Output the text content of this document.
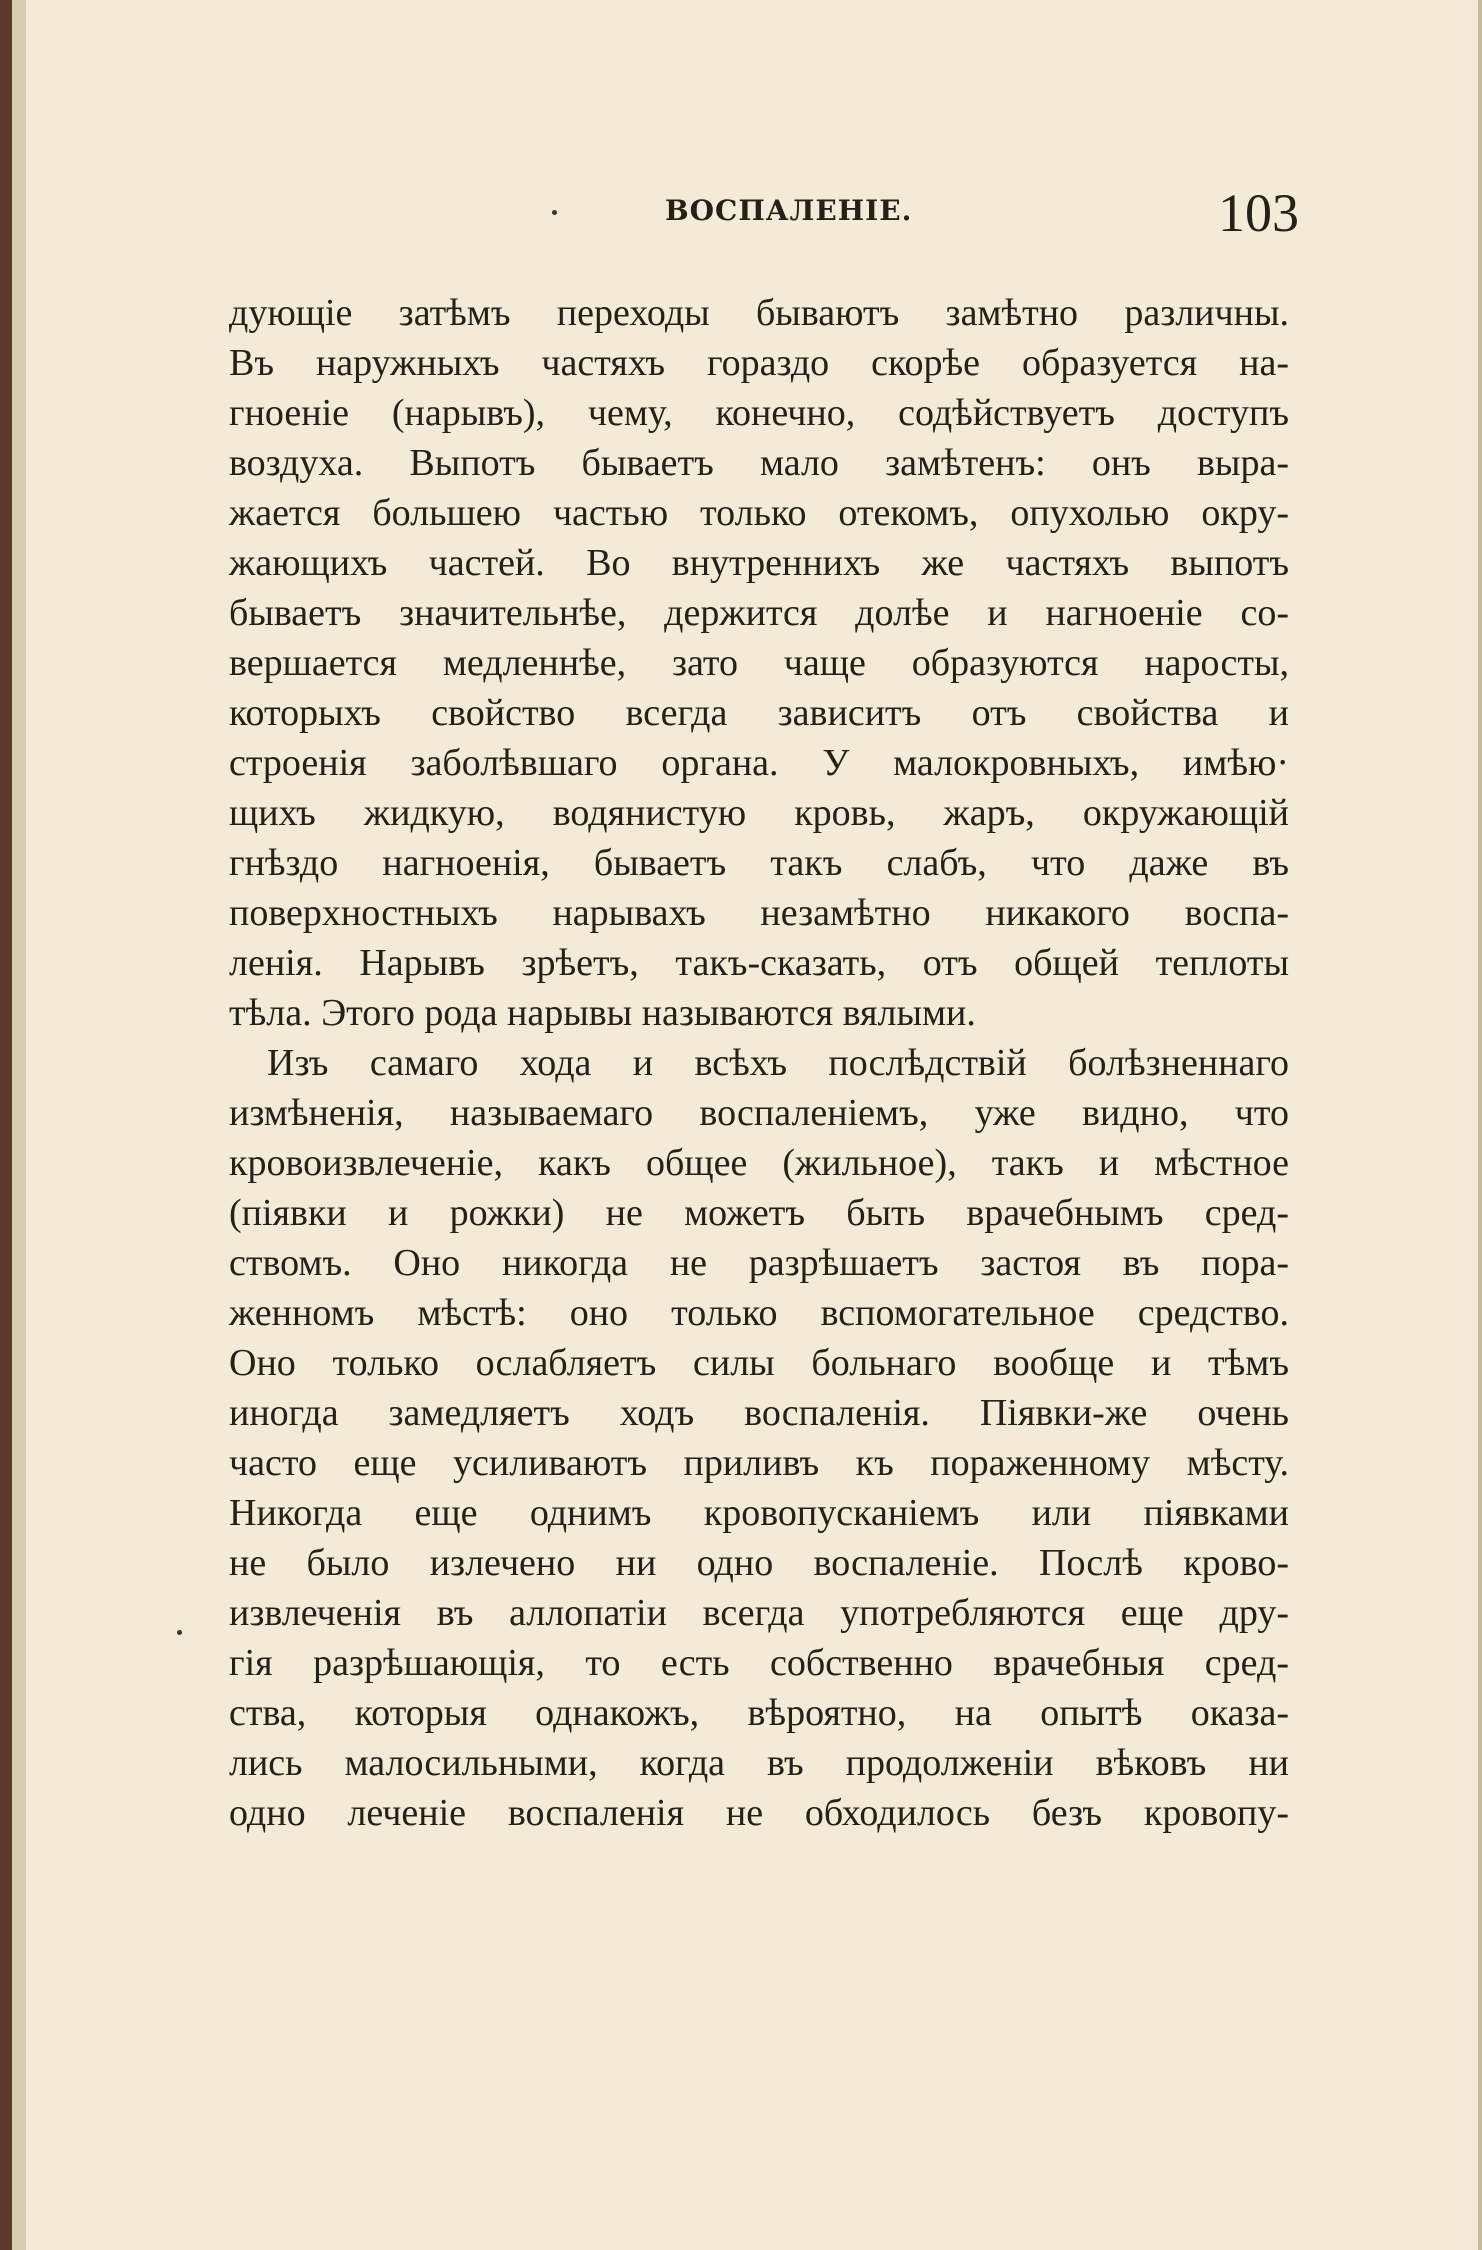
ВОСПАЛЕНІЕ.	103
дующіе затѣмъ переходы бываютъ замѣтно различны.
Въ наружныхъ частяхъ гораздо скорѣе образуется на-
гноеніе (нарывъ), чему, конечно, содѣйствуетъ доступъ
воздуха. Выпотъ бываетъ мало замѣтенъ: онъ выра-
жается большею частью только отекомъ, опухолью окру-
жающихъ частей. Во внутреннихъ же частяхъ выпотъ
бываетъ значительнѣе, держится долѣе и нагноеніе со-
вершается медленнѣе, зато чаще образуются наросты,
которыхъ свойство всегда зависитъ отъ свойства и
строенія заболѣвшаго органа. У малокровныхъ, имѣю·
щихъ жидкую, водянистую кровь, жаръ, окружающій
гнѣздо нагноенія, бываетъ такъ слабъ, что даже въ
поверхностныхъ нарывахъ незамѣтно никакого воспа-
ленія. Нарывъ зрѣетъ, такъ-сказать, отъ общей теплоты
тѣла. Этого рода нарывы называются вялыми.
Изъ самаго хода и всѣхъ послѣдствій болѣзненнаго
измѣненія, называемаго воспаленіемъ, уже видно, что
кровоизвлеченіе, какъ общее (жильное), такъ и мѣстное
(піявки и рожки) не можетъ быть врачебнымъ сред-
ствомъ. Оно никогда не разрѣшаетъ застоя въ пора-
женномъ мѣстѣ: оно только вспомогательное средство.
Оно только ослабляетъ силы больнаго вообще и тѣмъ
иногда замедляетъ ходъ воспаленія. Піявки-же очень
часто еще усиливаютъ приливъ къ пораженному мѣсту.
Никогда еще однимъ кровопусканіемъ или піявками
не было излечено ни одно воспаленіе. Послѣ крово-
извлеченія въ аллопатіи всегда употребляются еще дру-
гія разрѣшающія, то есть собственно врачебныя сред-
ства, которыя однакожъ, вѣроятно, на опытѣ оказа-
лись малосильными, когда въ продолженіи вѣковъ ни
одно леченіе воспаленія не обходилось безъ кровопу-
